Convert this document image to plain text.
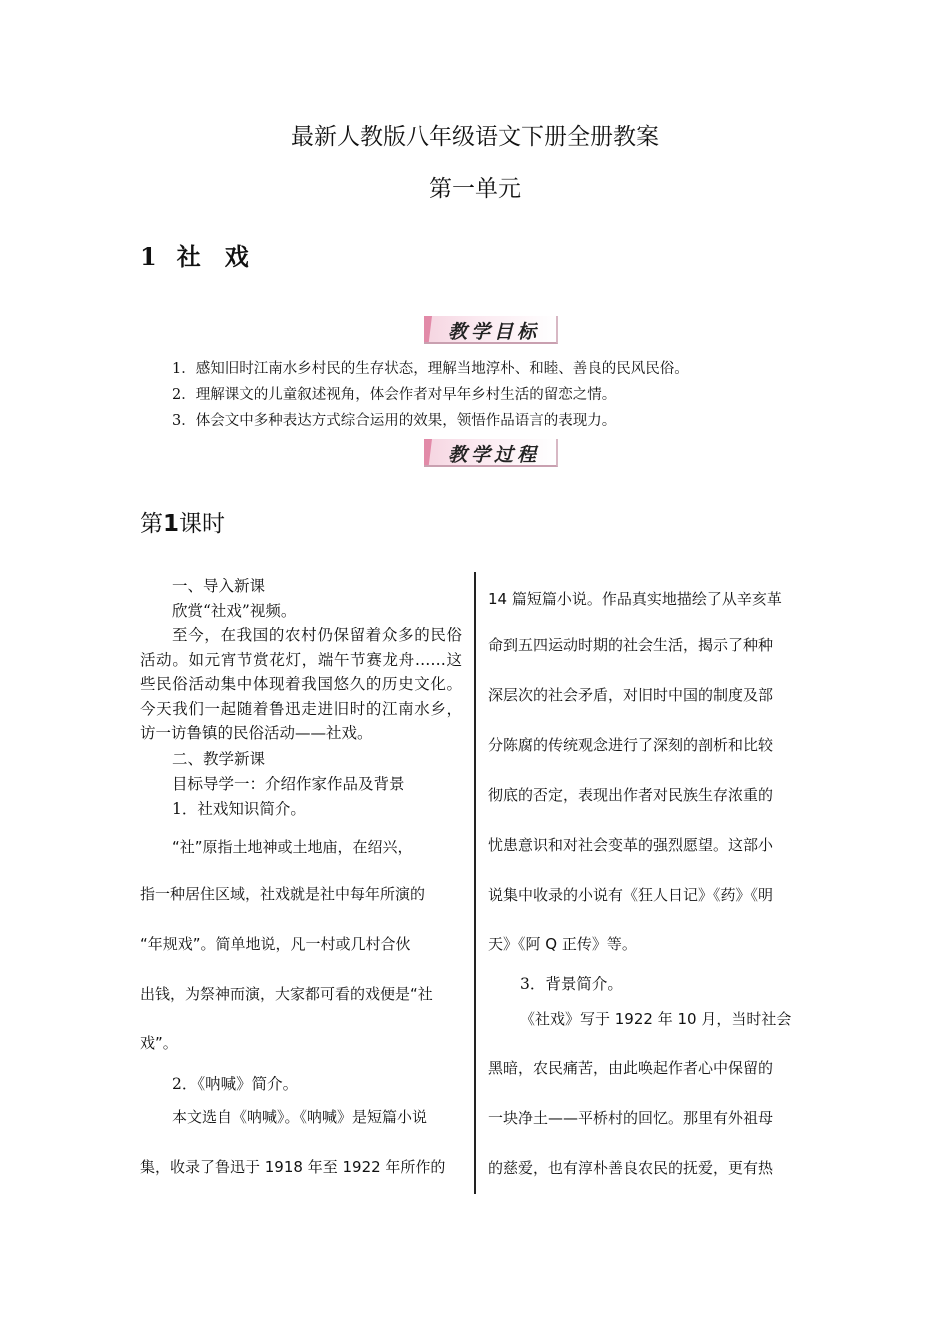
最新人教版八年级语文下册全册教案
第一单元
1 社 戏
教学目标
1．感知旧时江南水乡村民的生存状态，理解当地淳朴、和睦、善良的民风民俗。
2．理解课文的儿童叙述视角，体会作者对早年乡村生活的留恋之情。
3．体会文中多种表达方式综合运用的效果，领悟作品语言的表现力。
教学过程
第1课时
一、导入新课
欣赏“社戏”视频。
至今，在我国的农村仍保留着众多的民俗活动。如元宵节赏花灯，端午节赛龙舟……这些民俗活动集中体现着我国悠久的历史文化。今天我们一起随着鲁迅走进旧时的江南水乡，访一访鲁镇的民俗活动——社戏。
二、教学新课
目标导学一：介绍作家作品及背景
1．社戏知识简介。
“社”原指土地神或土地庙，在绍兴，
指一种居住区域，社戏就是社中每年所演的
“年规戏”。简单地说，凡一村或几村合伙
出钱，为祭神而演，大家都可看的戏便是“社
戏”。
2．《呐喊》简介。
本文选自《呐喊》。《呐喊》是短篇小说
集，收录了鲁迅于 1918 年至 1922 年所作的
14 篇短篇小说。作品真实地描绘了从辛亥革
命到五四运动时期的社会生活，揭示了种种
深层次的社会矛盾，对旧时中国的制度及部
分陈腐的传统观念进行了深刻的剖析和比较
彻底的否定，表现出作者对民族生存浓重的
忧患意识和对社会变革的强烈愿望。这部小
说集中收录的小说有《狂人日记》《药》《明
天》《阿 Q 正传》等。
3．背景简介。
《社戏》写于 1922 年 10 月，当时社会
黑暗，农民痛苦，由此唤起作者心中保留的
一块净土——平桥村的回忆。那里有外祖母
的慈爱，也有淳朴善良农民的抚爱，更有热
